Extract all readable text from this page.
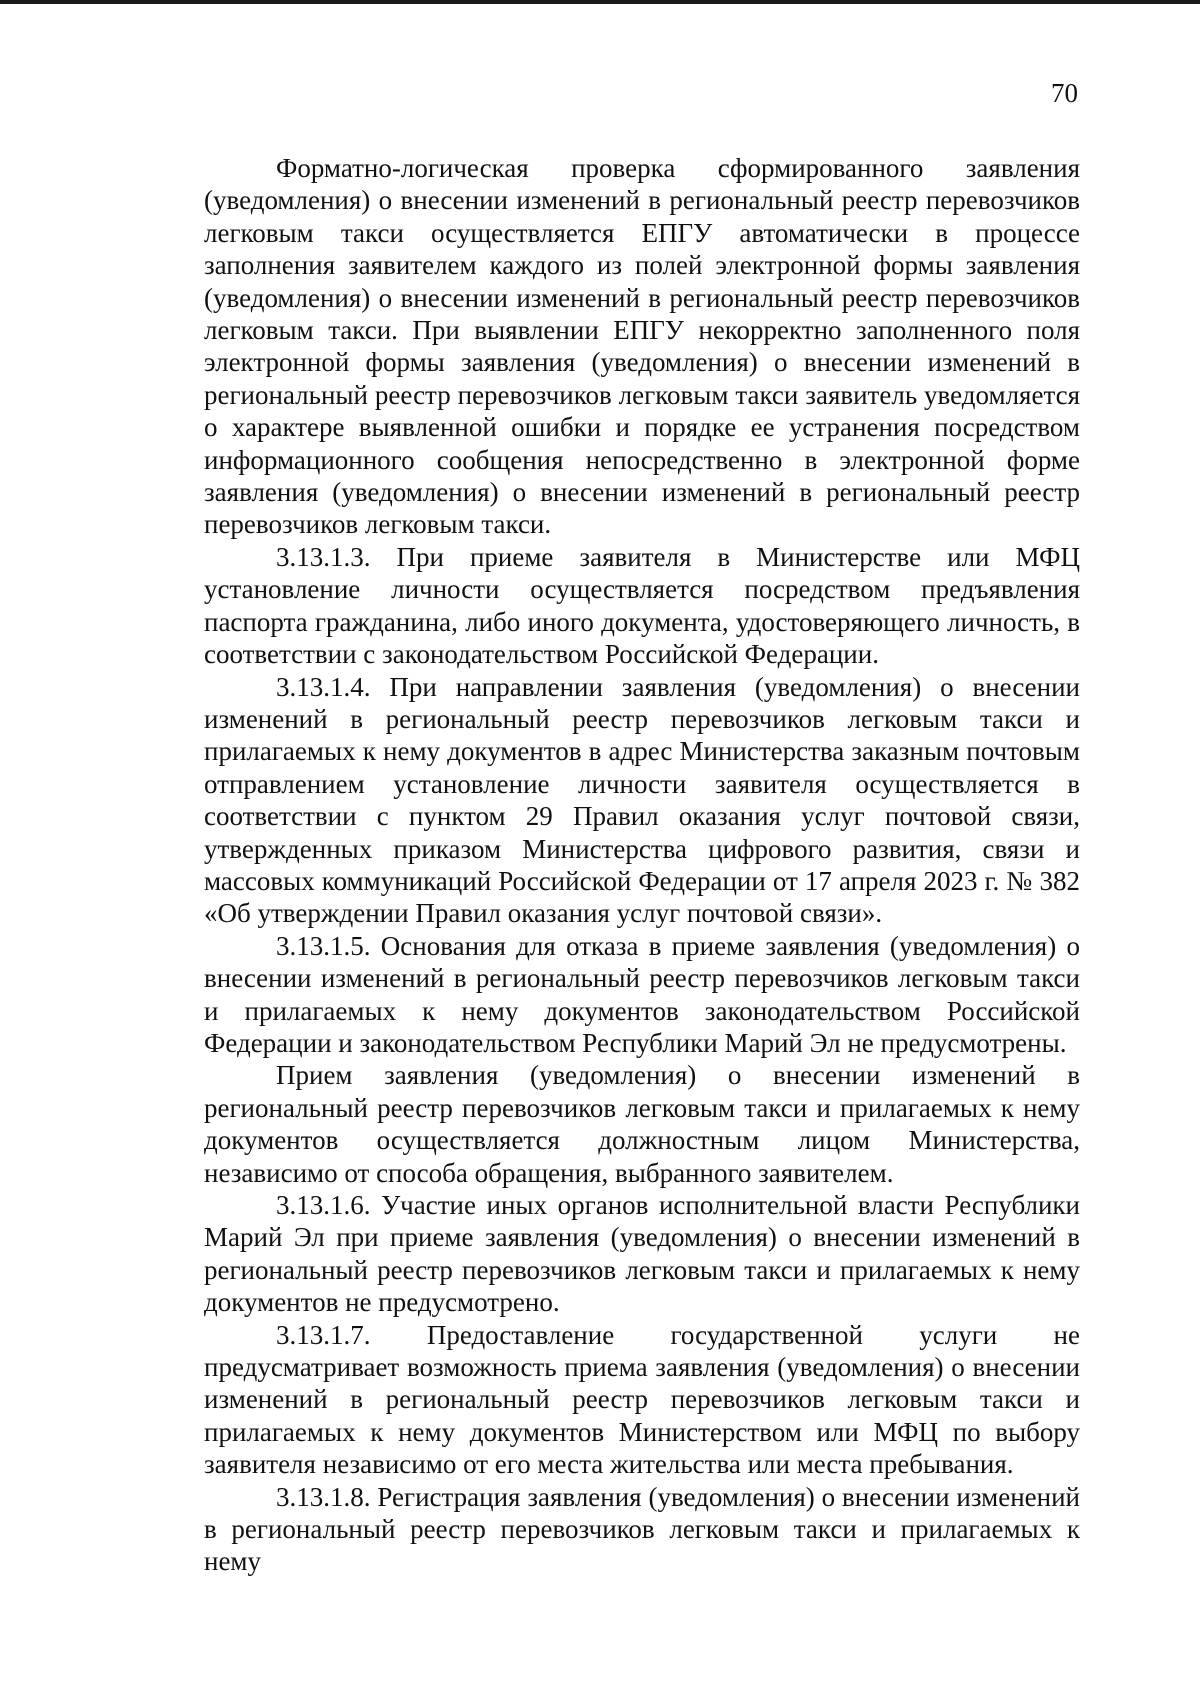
70

Форматно-логическая проверка сформированного заявления (уведомления) о внесении изменений в региональный реестр перевозчиков легковым такси осуществляется ЕПГУ автоматически в процессе заполнения заявителем каждого из полей электронной формы заявления (уведомления) о внесении изменений в региональный реестр перевозчиков легковым такси. При выявлении ЕПГУ некорректно заполненного поля электронной формы заявления (уведомления) о внесении изменений в региональный реестр перевозчиков легковым такси заявитель уведомляется о характере выявленной ошибки и порядке ее устранения посредством информационного сообщения непосредственно в электронной форме заявления (уведомления) о внесении изменений в региональный реестр перевозчиков легковым такси.

3.13.1.3. При приеме заявителя в Министерстве или МФЦ установление личности осуществляется посредством предъявления паспорта гражданина, либо иного документа, удостоверяющего личность, в соответствии с законодательством Российской Федерации.

3.13.1.4. При направлении заявления (уведомления) о внесении изменений в региональный реестр перевозчиков легковым такси и прилагаемых к нему документов в адрес Министерства заказным почтовым отправлением установление личности заявителя осуществляется в соответствии с пунктом 29 Правил оказания услуг почтовой связи, утвержденных приказом Министерства цифрового развития, связи и массовых коммуникаций Российской Федерации от 17 апреля 2023 г. № 382 «Об утверждении Правил оказания услуг почтовой связи».

3.13.1.5. Основания для отказа в приеме заявления (уведомления) о внесении изменений в региональный реестр перевозчиков легковым такси и прилагаемых к нему документов законодательством Российской Федерации и законодательством Республики Марий Эл не предусмотрены.

Прием заявления (уведомления) о внесении изменений в региональный реестр перевозчиков легковым такси и прилагаемых к нему документов осуществляется должностным лицом Министерства, независимо от способа обращения, выбранного заявителем.

3.13.1.6. Участие иных органов исполнительной власти Республики Марий Эл при приеме заявления (уведомления) о внесении изменений в региональный реестр перевозчиков легковым такси и прилагаемых к нему документов не предусмотрено.

3.13.1.7. Предоставление государственной услуги не предусматривает возможность приема заявления (уведомления) о внесении изменений в региональный реестр перевозчиков легковым такси и прилагаемых к нему документов Министерством или МФЦ по выбору заявителя независимо от его места жительства или места пребывания.

3.13.1.8. Регистрация заявления (уведомления) о внесении изменений в региональный реестр перевозчиков легковым такси и прилагаемых к нему
